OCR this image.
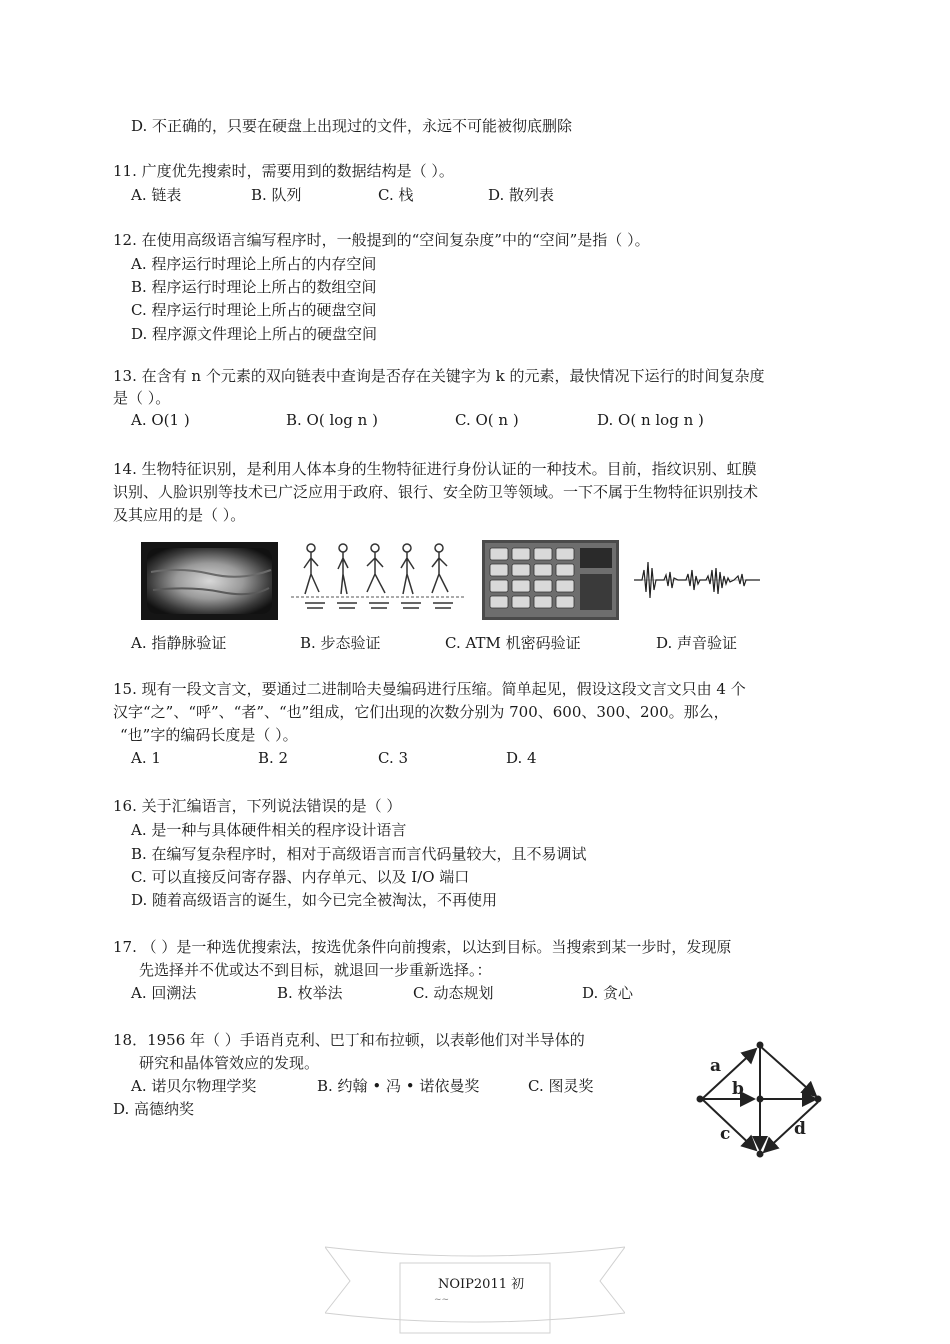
D. 不正确的，只要在硬盘上出现过的文件，永远不可能被彻底删除
11. 广度优先搜索时，需要用到的数据结构是（ ）。
A. 链表	B. 队列	C. 栈	D. 散列表
12. 在使用高级语言编写程序时，一般提到的“空间复杂度”中的“空间”是指（ ）。
A. 程序运行时理论上所占的内存空间
B. 程序运行时理论上所占的数组空间
C. 程序运行时理论上所占的硬盘空间
D. 程序源文件理论上所占的硬盘空间
13. 在含有 n 个元素的双向链表中查询是否存在关键字为 k 的元素，最快情况下运行的时间复杂度
是（ ）。
A. O(1 )	B. O( log n )	C. O( n )	D. O( n log n )
14. 生物特征识别，是利用人体本身的生物特征进行身份认证的一种技术。目前，指纹识别、虹膜
识别、人脸识别等技术已广泛应用于政府、银行、安全防卫等领域。一下不属于生物特征识别技术
及其应用的是（ ）。
A. 指静脉验证	B. 步态验证	C. ATM 机密码验证	D. 声音验证
15. 现有一段文言文，要通过二进制哈夫曼编码进行压缩。简单起见，假设这段文言文只由 4 个
汉字“之”、“呼”、“者”、“也”组成，它们出现的次数分别为 700、600、300、200。那么，
“也”字的编码长度是（ ）。
A. 1	B. 2	C. 3	D. 4
16. 关于汇编语言，下列说法错误的是（ ）
A. 是一种与具体硬件相关的程序设计语言
B. 在编写复杂程序时，相对于高级语言而言代码量较大，且不易调试
C. 可以直接反问寄存器、内存单元、以及 I/O 端口
D. 随着高级语言的诞生，如今已完全被淘汰，不再使用
17. （ ）是一种选优搜索法，按选优条件向前搜索，以达到目标。当搜索到某一步时，发现原
先选择并不优或达不到目标，就退回一步重新选择。：
A. 回溯法	B. 枚举法	C. 动态规划	D. 贪心
18．1956 年（ ）手语肖克利、巴丁和布拉顿，以表彰他们对半导体的
研究和晶体管效应的发现。
A. 诺贝尔物理学奖	B. 约翰 • 冯 • 诺依曼奖	C. 图灵奖
D. 高德纳奖
a
b
c	d
NOIP2011 初
~~
